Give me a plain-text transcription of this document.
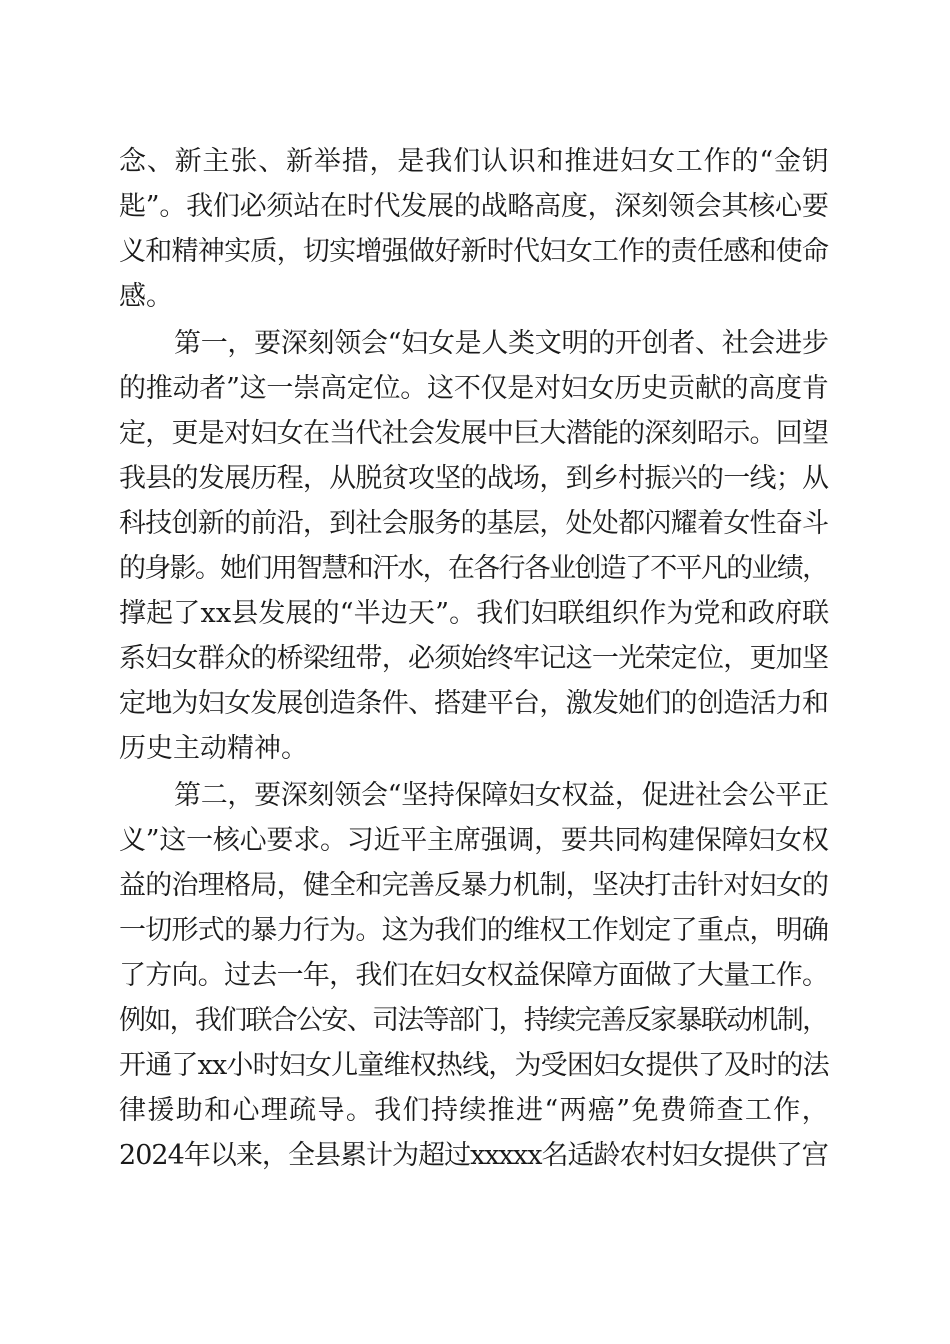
念、新主张、新举措，是我们认识和推进妇女工作的“金钥
匙”。我们必须站在时代发展的战略高度，深刻领会其核心要
义和精神实质，切实增强做好新时代妇女工作的责任感和使命
感。
第一，要深刻领会“妇女是人类文明的开创者、社会进步
的推动者”这一崇高定位。这不仅是对妇女历史贡献的高度肯
定，更是对妇女在当代社会发展中巨大潜能的深刻昭示。回望
我县的发展历程，从脱贫攻坚的战场，到乡村振兴的一线；从
科技创新的前沿，到社会服务的基层，处处都闪耀着女性奋斗
的身影。她们用智慧和汗水，在各行各业创造了不平凡的业绩，
撑起了xx县发展的“半边天”。我们妇联组织作为党和政府联
系妇女群众的桥梁纽带，必须始终牢记这一光荣定位，更加坚
定地为妇女发展创造条件、搭建平台，激发她们的创造活力和
历史主动精神。
第二，要深刻领会“坚持保障妇女权益，促进社会公平正
义”这一核心要求。习近平主席强调，要共同构建保障妇女权
益的治理格局，健全和完善反暴力机制，坚决打击针对妇女的
一切形式的暴力行为。这为我们的维权工作划定了重点，明确
了方向。过去一年，我们在妇女权益保障方面做了大量工作。
例如，我们联合公安、司法等部门，持续完善反家暴联动机制，
开通了xx小时妇女儿童维权热线，为受困妇女提供了及时的法
律援助和心理疏导。我们持续推进“两癌”免费筛查工作，
2024年以来，全县累计为超过xxxxx名适龄农村妇女提供了宫
